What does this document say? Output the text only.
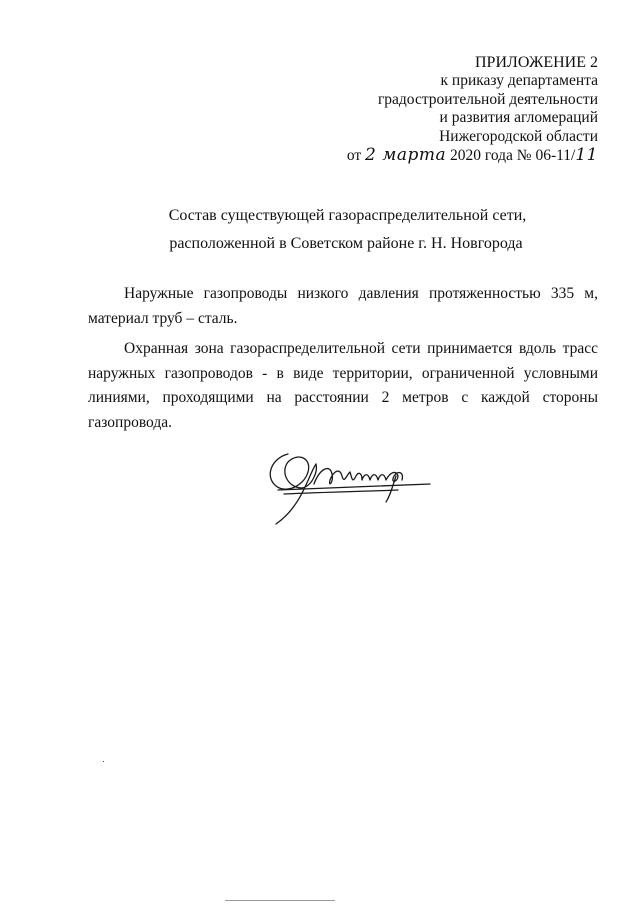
ПРИЛОЖЕНИЕ 2
к приказу департамента
градостроительной деятельности
и развития агломераций
Нижегородской области
от 2 марта 2020 года № 06-11/11
Состав существующей газораспределительной сети,
расположенной в Советском районе г. Н. Новгорода

Наружные газопроводы низкого давления протяженностью 335 м, материал труб – сталь.

Охранная зона газораспределительной сети принимается вдоль трасс наружных газопроводов - в виде территории, ограниченной условными линиями, проходящими на расстоянии 2 метров с каждой стороны газопровода.
